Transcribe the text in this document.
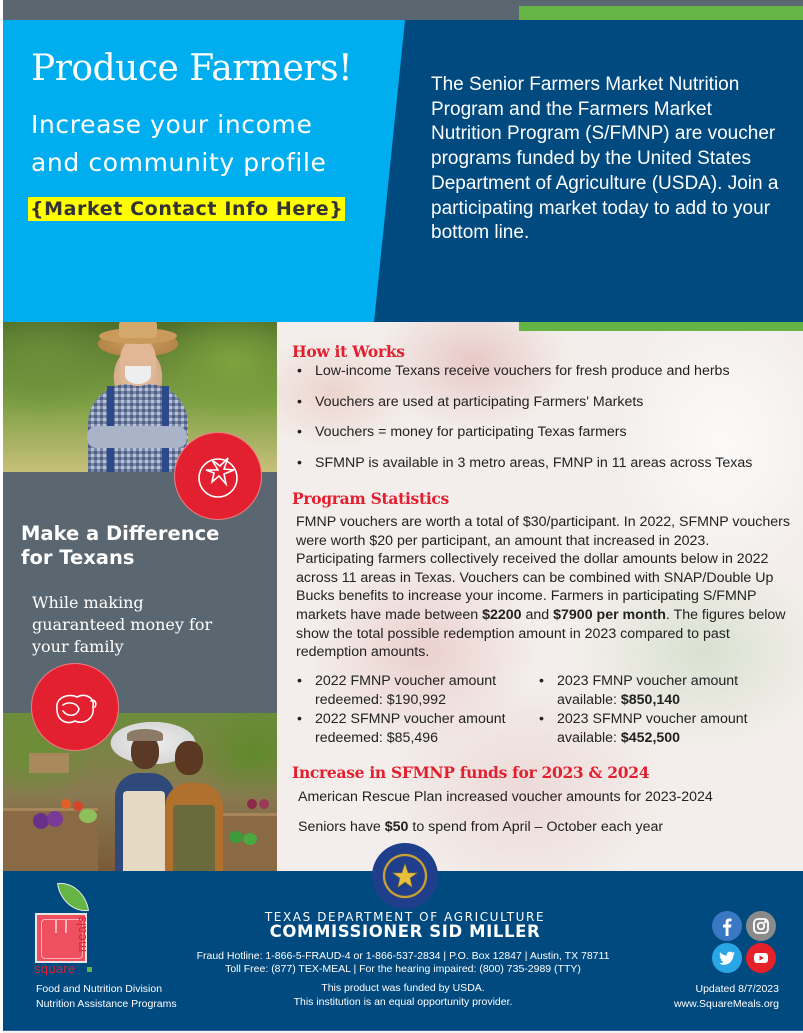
Produce Farmers!
Increase your income
and community profile
{Market Contact Info Here}
The Senior Farmers Market Nutrition Program and the Farmers Market Nutrition Program (S/FMNP) are voucher programs funded by the United States Department of Agriculture (USDA). Join a participating market today to add to your bottom line.
Make a Difference
for Texans
While making
guaranteed money for
your family
How it Works
• Low-income Texans receive vouchers for fresh produce and herbs
• Vouchers are used at participating Farmers' Markets
• Vouchers = money for participating Texas farmers
• SFMNP is available in 3 metro areas, FMNP in 11 areas across Texas
Program Statistics

FMNP vouchers are worth a total of $30/participant. In 2022, SFMNP vouchers were worth $20 per participant, an amount that increased in 2023. Participating farmers collectively received the dollar amounts below in 2022 across 11 areas in Texas. Vouchers can be combined with SNAP/Double Up Bucks benefits to increase your income. Farmers in participating S/FMNP markets have made between $2200 and $7900 per month. The figures below show the total possible redemption amount in 2023 compared to past redemption amounts.

• 2022 FMNP voucher amount redeemed: $190,992
• 2023 FMNP voucher amount available: $850,140
• 2022 SFMNP voucher amount redeemed: $85,496
• 2023 SFMNP voucher amount available: $452,500
Increase in SFMNP funds for 2023 & 2024
American Rescue Plan increased voucher amounts for 2023-2024
Seniors have $50 to spend from April – October each year
meals
square
Food and Nutrition Division
Nutrition Assistance Programs
TEXAS DEPARTMENT OF AGRICULTURE
COMMISSIONER SID MILLER
Fraud Hotline: 1-866-5-FRAUD-4 or 1-866-537-2834 | P.O. Box 12847 | Austin, TX 78711
Toll Free: (877) TEX-MEAL | For the hearing impaired: (800) 735-2989 (TTY)
This product was funded by USDA.
This institution is an equal opportunity provider.
Updated 8/7/2023
www.SquareMeals.org
